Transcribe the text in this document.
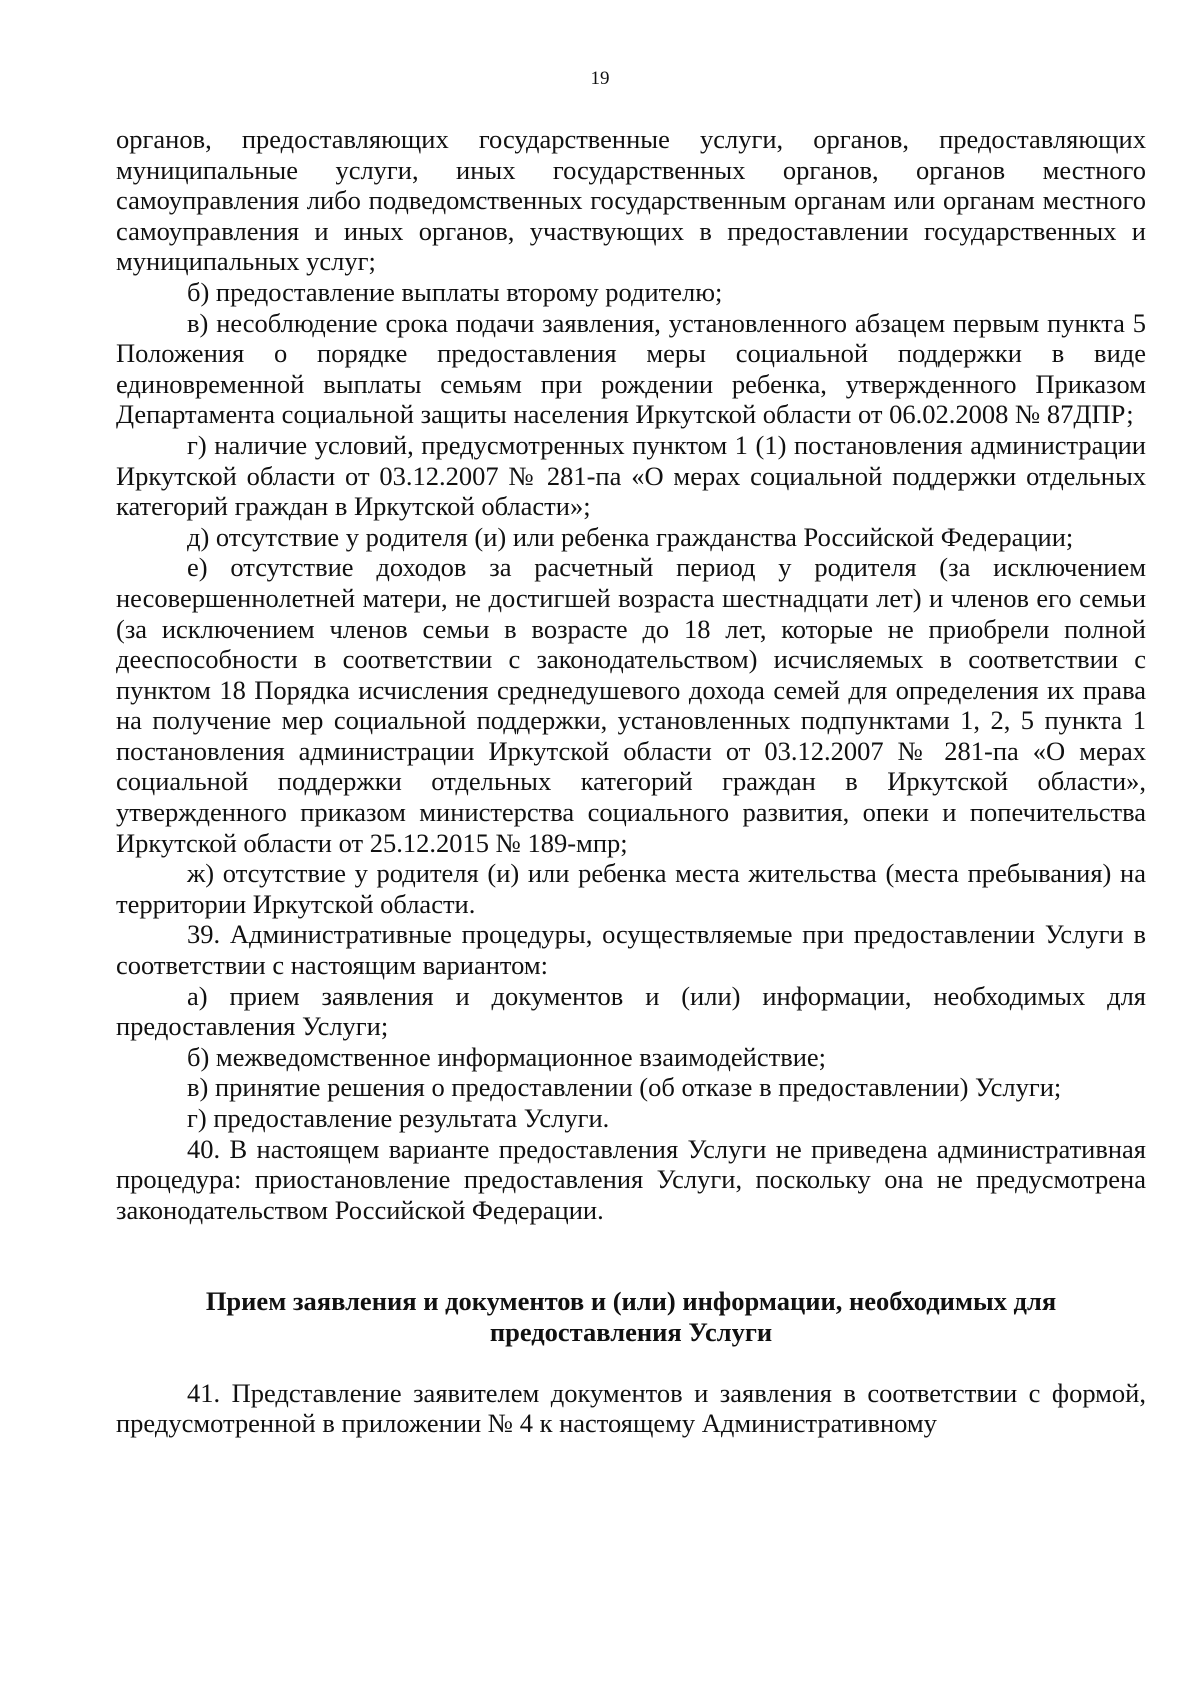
19

органов, предоставляющих государственные услуги, органов, предоставляющих муниципальные услуги, иных государственных органов, органов местного самоуправления либо подведомственных государственным органам или органам местного самоуправления и иных органов, участвующих в предоставлении государственных и муниципальных услуг;

б) предоставление выплаты второму родителю;

в) несоблюдение срока подачи заявления, установленного абзацем первым пункта 5 Положения о порядке предоставления меры социальной поддержки в виде единовременной выплаты семьям при рождении ребенка, утвержденного Приказом Департамента социальной защиты населения Иркутской области от 06.02.2008 № 87ДПР;

г) наличие условий, предусмотренных пунктом 1 (1) постановления администрации Иркутской области от 03.12.2007 № 281-па «О мерах социальной поддержки отдельных категорий граждан в Иркутской области»;

д) отсутствие у родителя (и) или ребенка гражданства Российской Федерации;

е) отсутствие доходов за расчетный период у родителя (за исключением несовершеннолетней матери, не достигшей возраста шестнадцати лет) и членов его семьи (за исключением членов семьи в возрасте до 18 лет, которые не приобрели полной дееспособности в соответствии с законодательством) исчисляемых в соответствии с пунктом 18 Порядка исчисления среднедушевого дохода семей для определения их права на получение мер социальной поддержки, установленных подпунктами 1, 2, 5 пункта 1 постановления администрации Иркутской области от 03.12.2007 № 281-па «О мерах социальной поддержки отдельных категорий граждан в Иркутской области», утвержденного приказом министерства социального развития, опеки и попечительства Иркутской области от 25.12.2015 № 189-мпр;

ж) отсутствие у родителя (и) или ребенка места жительства (места пребывания) на территории Иркутской области.

39. Административные процедуры, осуществляемые при предоставлении Услуги в соответствии с настоящим вариантом:

а) прием заявления и документов и (или) информации, необходимых для предоставления Услуги;

б) межведомственное информационное взаимодействие;

в) принятие решения о предоставлении (об отказе в предоставлении) Услуги;

г) предоставление результата Услуги.

40. В настоящем варианте предоставления Услуги не приведена административная процедура: приостановление предоставления Услуги, поскольку она не предусмотрена законодательством Российской Федерации.

Прием заявления и документов и (или) информации, необходимых для предоставления Услуги

41. Представление заявителем документов и заявления в соответствии с формой, предусмотренной в приложении № 4 к настоящему Административному
